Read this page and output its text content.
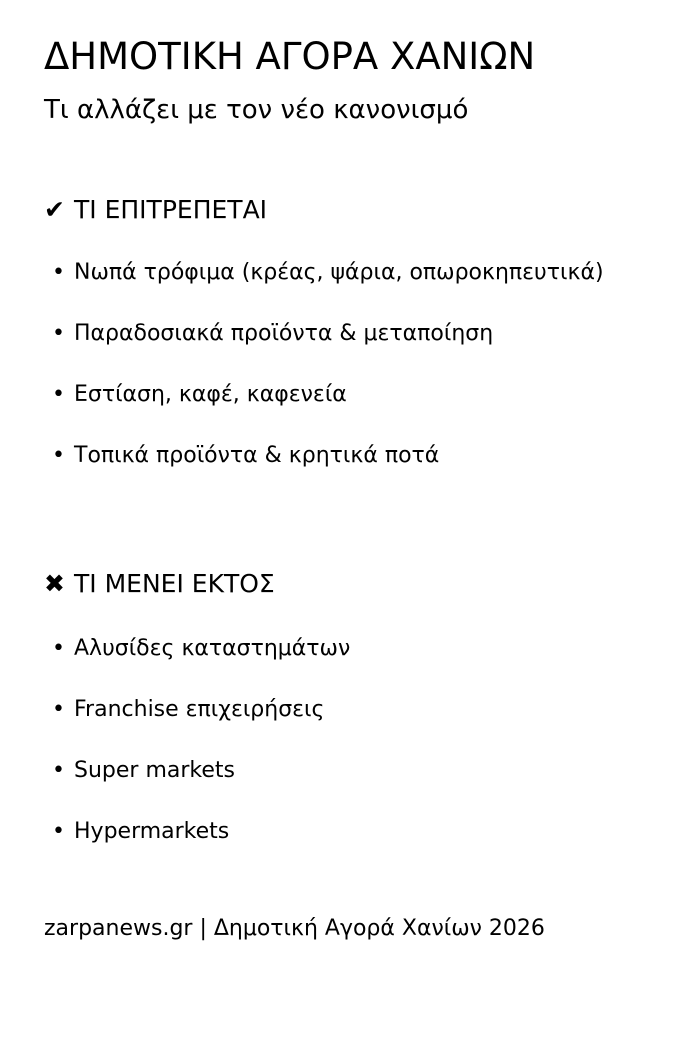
ΔΗΜΟΤΙΚΗ ΑΓΟΡΑ ΧΑΝΙΩΝ
Τι αλλάζει με τον νέο κανονισμό
✔ ΤΙ ΕΠΙΤΡΕΠΕΤΑΙ
• Νωπά τρόφιμα (κρέας, ψάρια, οπωροκηπευτικά)
• Παραδοσιακά προϊόντα & μεταποίηση
• Εστίαση, καφέ, καφενεία
• Τοπικά προϊόντα & κρητικά ποτά
✖ ΤΙ ΜΕΝΕΙ ΕΚΤΟΣ
• Αλυσίδες καταστημάτων
• Franchise επιχειρήσεις
• Super markets
• Hypermarkets

zarpanews.gr | Δημοτική Αγορά Χανίων 2026
